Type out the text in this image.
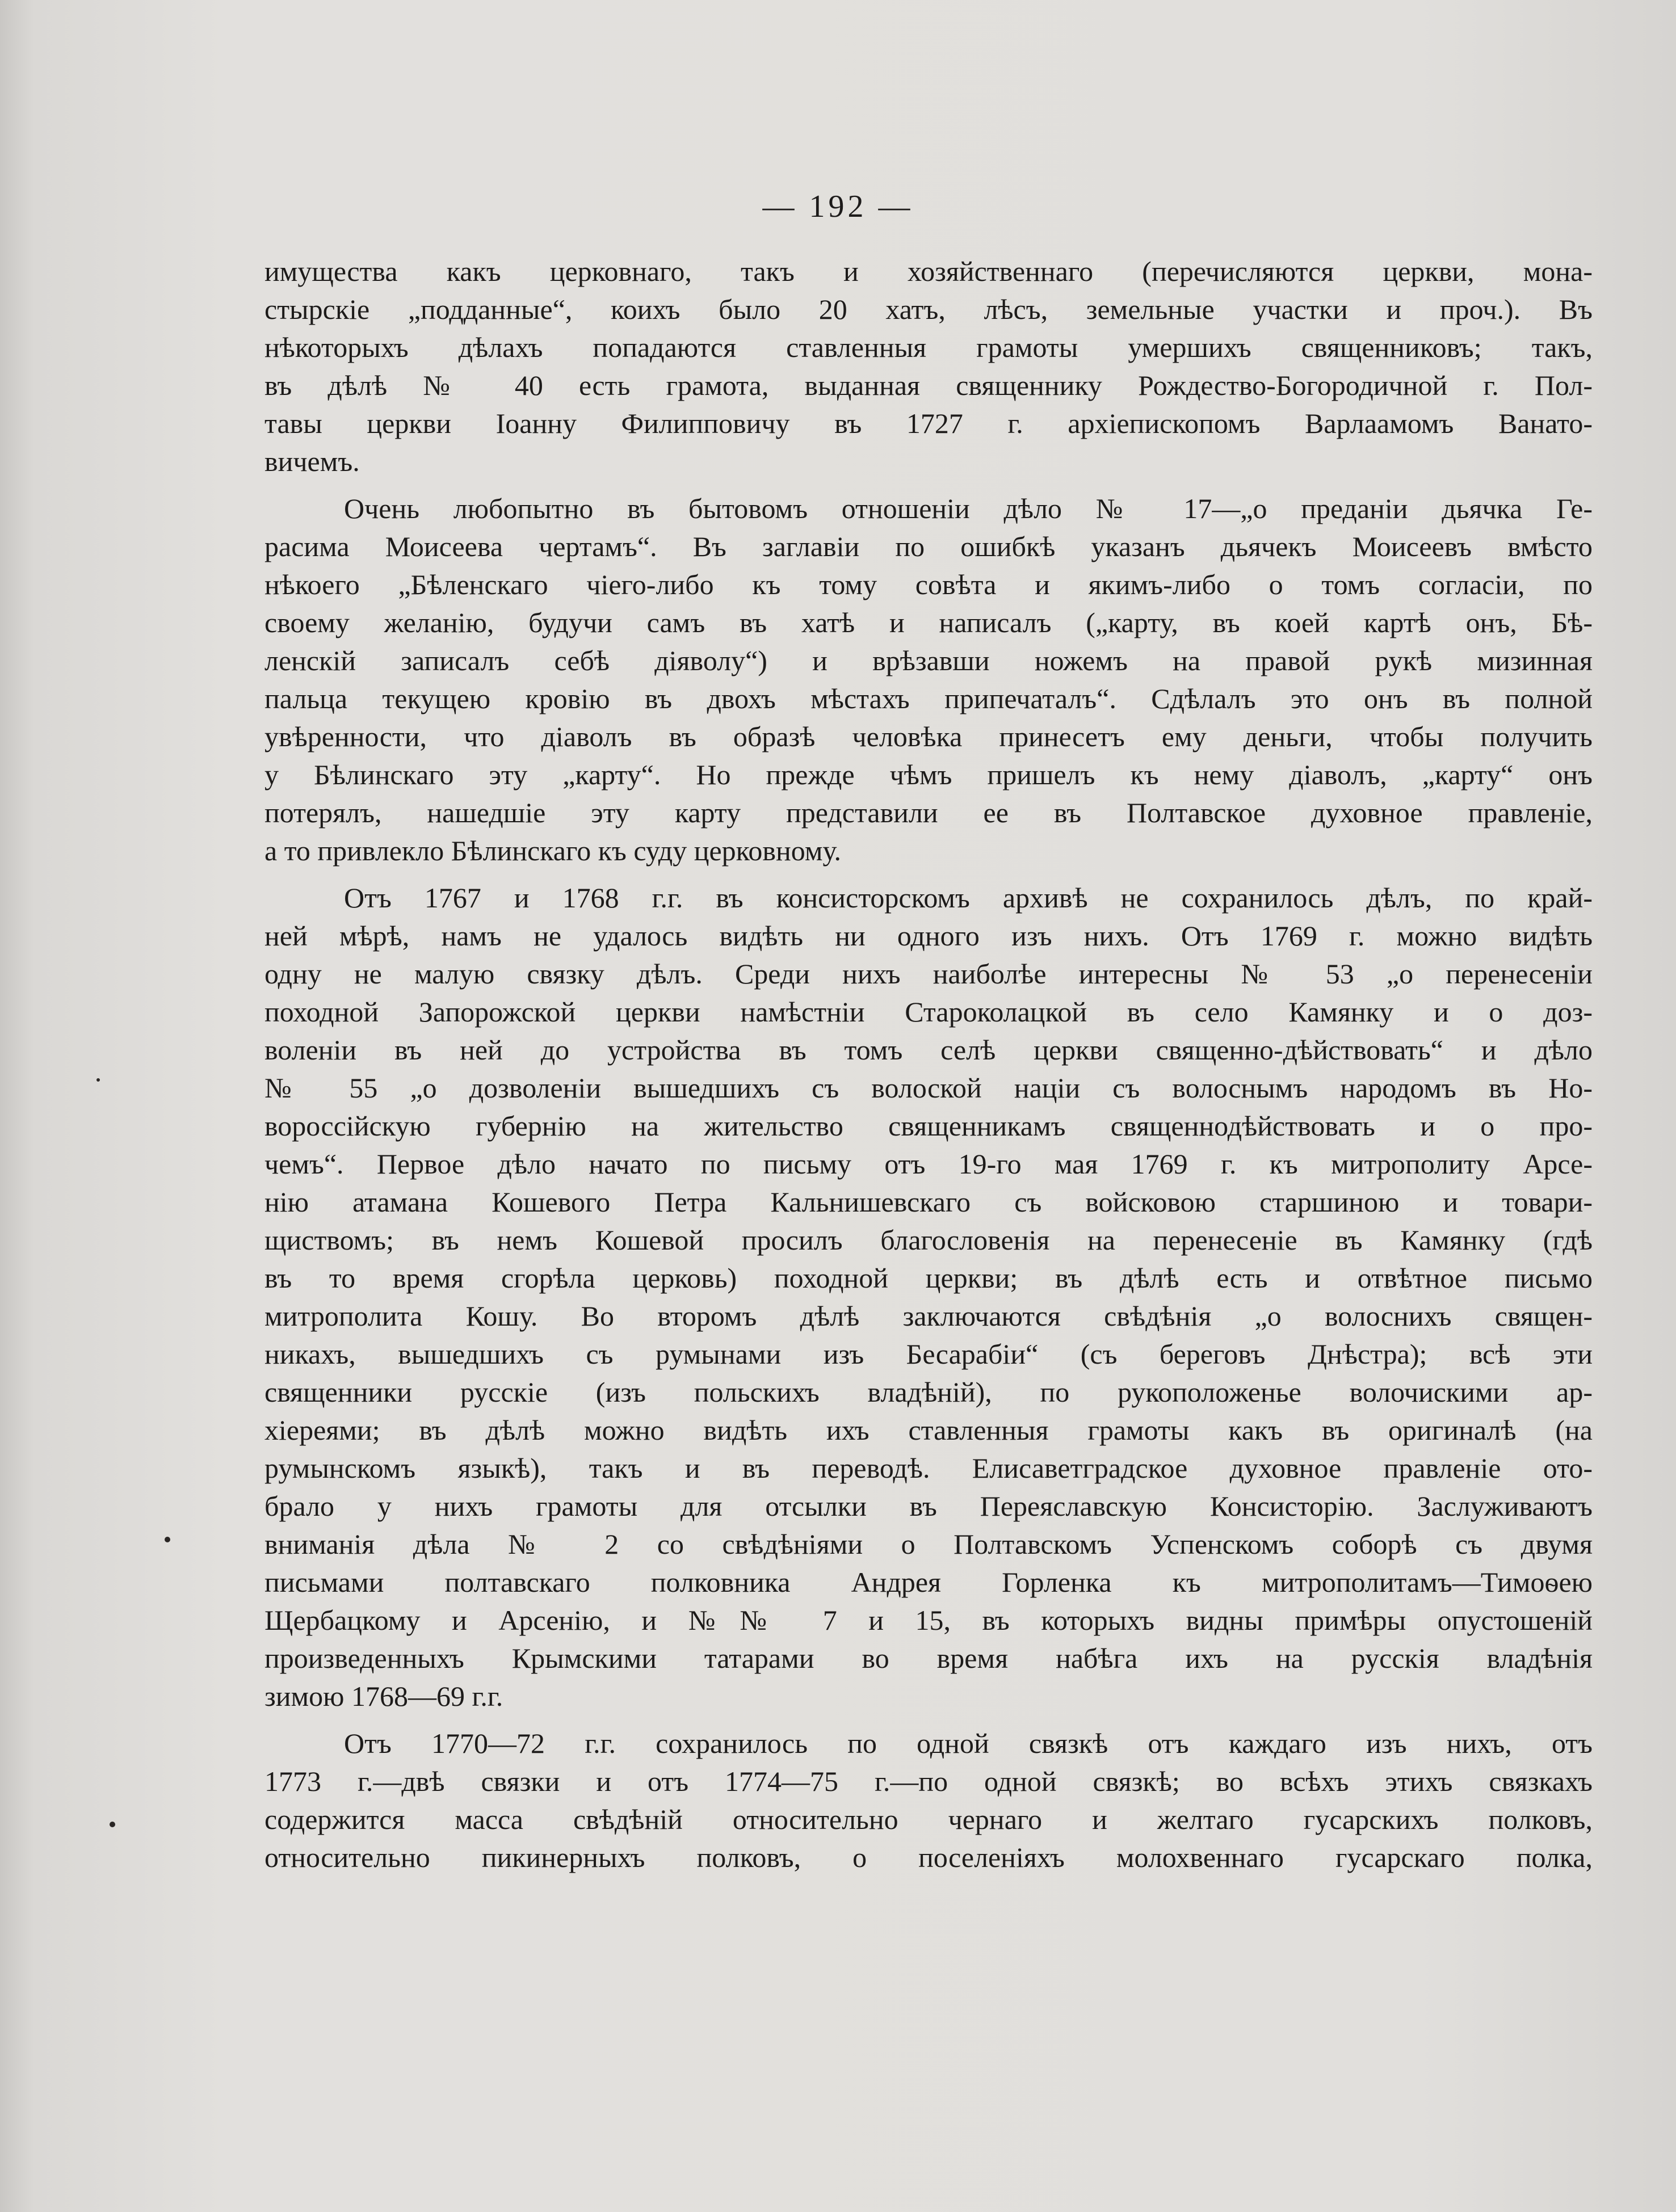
— 192 —
имущества какъ церковнаго, такъ и хозяйственнаго (перечисляются церкви, мона-
стырскіе „подданные“, коихъ было 20 хатъ, лѣсъ, земельные участки и проч.). Въ
нѣкоторыхъ дѣлахъ попадаются ставленныя грамоты умершихъ священниковъ; такъ,
въ дѣлѣ № 40 есть грамота, выданная священнику Рождество-Богородичной г. Пол-
тавы церкви Іоанну Филипповичу въ 1727 г. архіепископомъ Варлаамомъ Ванато-
вичемъ.
Очень любопытно въ бытовомъ отношеніи дѣло № 17—„о преданіи дьячка Ге-
расима Моисеева чертамъ“. Въ заглавіи по ошибкѣ указанъ дьячекъ Моисеевъ вмѣсто
нѣкоего „Бѣленскаго чіего-либо къ тому совѣта и якимъ-либо о томъ согласіи, по
своему желанію, будучи самъ въ хатѣ и написалъ („карту, въ коей картѣ онъ, Бѣ-
ленскій записалъ себѣ діяволу“) и врѣзавши ножемъ на правой рукѣ мизинная
пальца текущею кровію въ двохъ мѣстахъ припечаталъ“. Сдѣлалъ это онъ въ полной
увѣренности, что діаволъ въ образѣ человѣка принесетъ ему деньги, чтобы получить
у Бѣлинскаго эту „карту“. Но прежде чѣмъ пришелъ къ нему діаволъ, „карту“ онъ
потерялъ, нашедшіе эту карту представили ее въ Полтавское духовное правленіе,
а то привлекло Бѣлинскаго къ суду церковному.
Отъ 1767 и 1768 г.г. въ консисторскомъ архивѣ не сохранилось дѣлъ, по край-
ней мѣрѣ, намъ не удалось видѣть ни одного изъ нихъ. Отъ 1769 г. можно видѣть
одну не малую связку дѣлъ. Среди нихъ наиболѣе интересны № 53 „о перенесеніи
походной Запорожской церкви намѣстніи Староколацкой въ село Камянку и о доз-
воленіи въ ней до устройства въ томъ селѣ церкви священно-дѣйствовать“ и дѣло
№ 55 „о дозволеніи вышедшихъ съ волоской націи съ волоснымъ народомъ въ Но-
вороссійскую губернію на жительство священникамъ священнодѣйствовать и о про-
чемъ“. Первое дѣло начато по письму отъ 19-го мая 1769 г. къ митрополиту Арсе-
нію атамана Кошевого Петра Кальнишевскаго съ войсковою старшиною и товари-
щиствомъ; въ немъ Кошевой просилъ благословенія на перенесеніе въ Камянку (гдѣ
въ то время сгорѣла церковь) походной церкви; въ дѣлѣ есть и отвѣтное письмо
митрополита Кошу. Во второмъ дѣлѣ заключаются свѣдѣнія „о волоснихъ священ-
никахъ, вышедшихъ съ румынами изъ Бесарабіи“ (съ береговъ Днѣстра); всѣ эти
священники русскіе (изъ польскихъ владѣній), по рукоположенье волочискими ар-
хіереями; въ дѣлѣ можно видѣть ихъ ставленныя грамоты какъ въ оригиналѣ (на
румынскомъ языкѣ), такъ и въ переводѣ. Елисаветградское духовное правленіе ото-
брало у нихъ грамоты для отсылки въ Переяславскую Консисторію. Заслуживаютъ
вниманія дѣла № 2 со свѣдѣніями о Полтавскомъ Успенскомъ соборѣ съ двумя
письмами полтавскаго полковника Андрея Горленка къ митрополитамъ—Тимоѳею
Щербацкому и Арсенію, и №№ 7 и 15, въ которыхъ видны примѣры опустошеній
произведенныхъ Крымскими татарами во время набѣга ихъ на русскія владѣнія
зимою 1768—69 г.г.
Отъ 1770—72 г.г. сохранилось по одной связкѣ отъ каждаго изъ нихъ, отъ
1773 г.—двѣ связки и отъ 1774—75 г.—по одной связкѣ; во всѣхъ этихъ связкахъ
содержится масса свѣдѣній относительно чернаго и желтаго гусарскихъ полковъ,
относительно пикинерныхъ полковъ, о поселеніяхъ молохвеннаго гусарскаго полка,
